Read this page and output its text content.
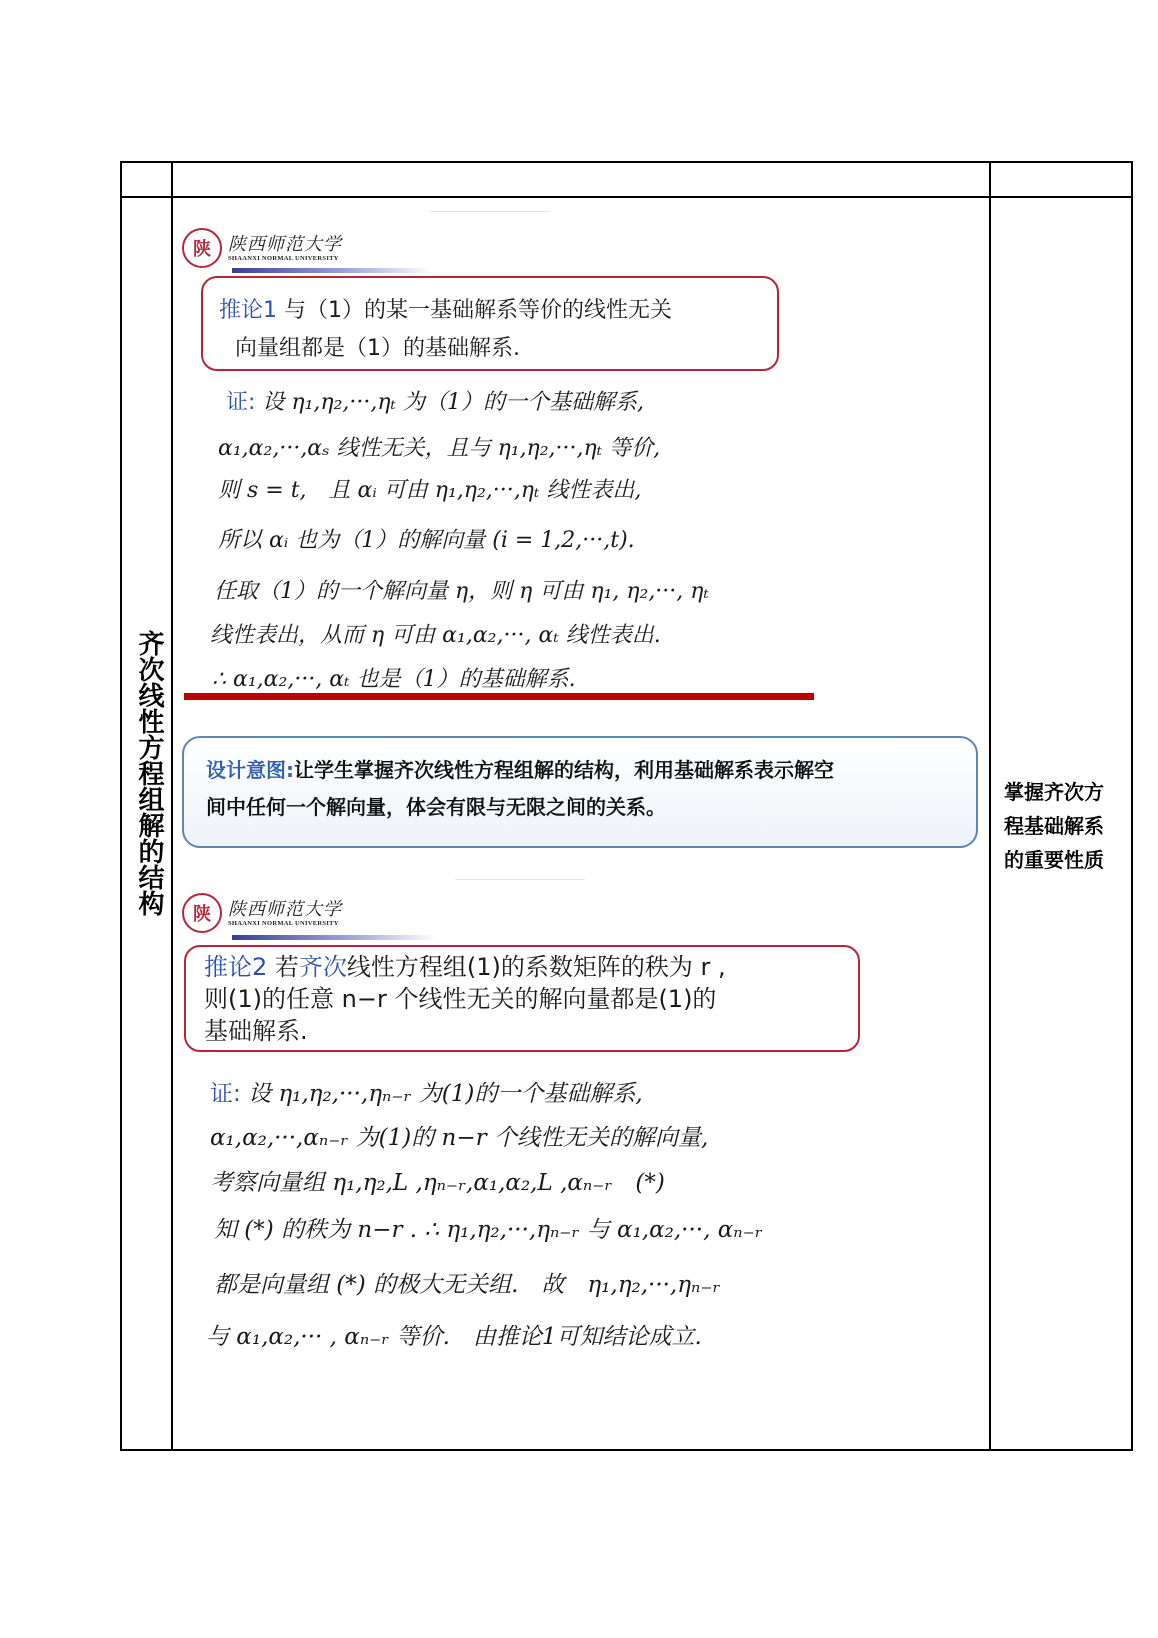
齐次线性方程组解的结构	掌握齐次方程基础解系的重要性质
陕 陕西师范大学
SHAANXI NORMAL UNIVERSITY
推论1 与（1）的某一基础解系等价的线性无关
向量组都是（1）的基础解系.
证: 设 η₁,η₂,···,ηₜ 为（1）的一个基础解系,
α₁,α₂,···,αₛ 线性无关，且与 η₁,η₂,···,ηₜ 等价,
则 s = t,　且 αᵢ 可由 η₁,η₂,···,ηₜ 线性表出,
所以 αᵢ 也为（1）的解向量 (i = 1,2,···,t).
任取（1）的一个解向量 η，则 η 可由 η₁, η₂,···, ηₜ
线性表出，从而 η 可由 α₁,α₂,···, αₜ 线性表出.
∴ α₁,α₂,···, αₜ 也是（1）的基础解系.
设计意图:让学生掌握齐次线性方程组解的结构，利用基础解系表示解空
间中任何一个解向量，体会有限与无限之间的关系。
陕 陕西师范大学
SHAANXI NORMAL UNIVERSITY
推论2 若齐次线性方程组(1)的系数矩阵的秩为 r ,
则(1)的任意 n−r 个线性无关的解向量都是(1)的
基础解系.
证: 设 η₁,η₂,···,ηₙ₋ᵣ 为(1)的一个基础解系,
α₁,α₂,···,αₙ₋ᵣ 为(1)的 n−r 个线性无关的解向量,
考察向量组 η₁,η₂,L ,ηₙ₋ᵣ,α₁,α₂,L ,αₙ₋ᵣ　(*)
知 (*) 的秩为 n−r . ∴ η₁,η₂,···,ηₙ₋ᵣ 与 α₁,α₂,···, αₙ₋ᵣ
都是向量组 (*) 的极大无关组.　故　η₁,η₂,···,ηₙ₋ᵣ
与 α₁,α₂,··· , αₙ₋ᵣ 等价.　由推论1可知结论成立.
